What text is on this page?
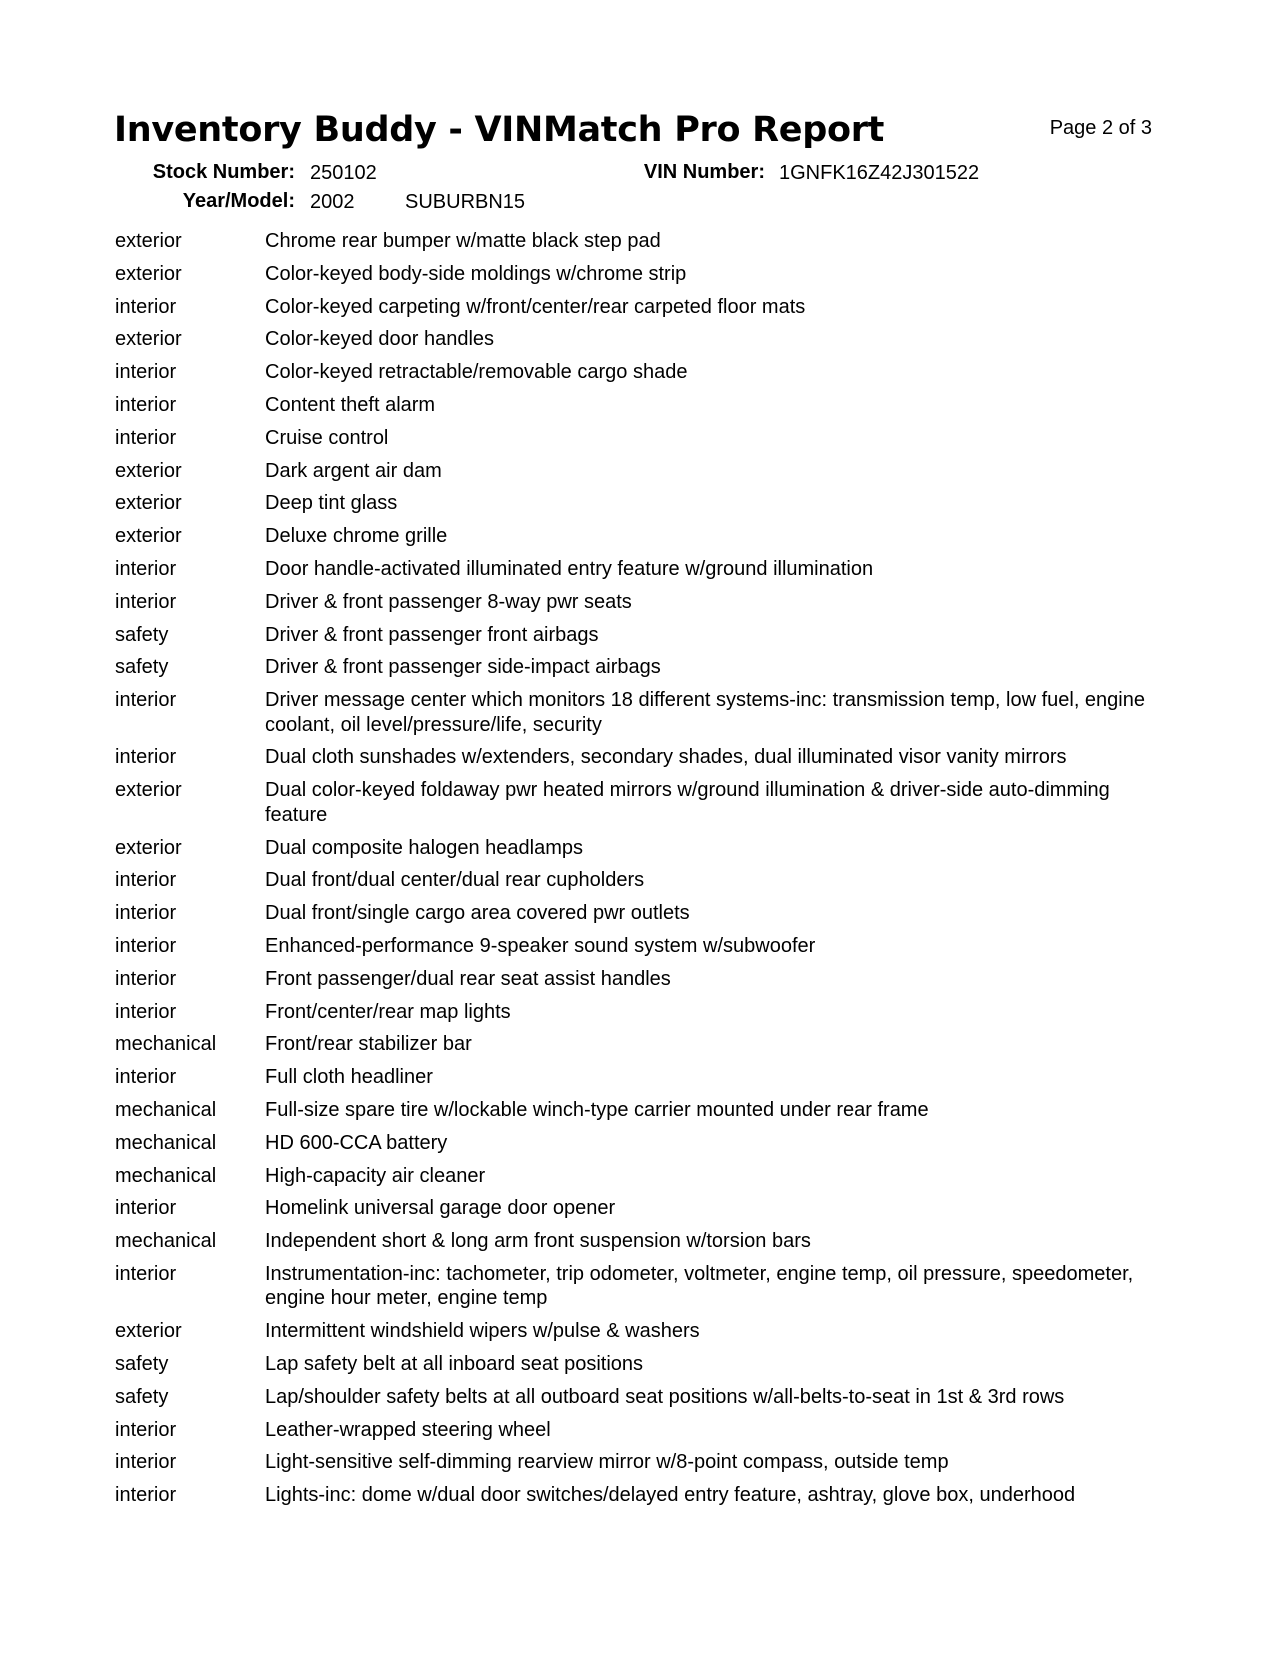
Inventory Buddy - VINMatch Pro Report	Page 2 of 3
Stock Number: 250102	VIN Number: 1GNFK16Z42J301522
Year/Model: 2002	SUBURBN15
exterior	Chrome rear bumper w/matte black step pad
exterior	Color-keyed body-side moldings w/chrome strip
interior	Color-keyed carpeting w/front/center/rear carpeted floor mats
exterior	Color-keyed door handles
interior	Color-keyed retractable/removable cargo shade
interior	Content theft alarm
interior	Cruise control
exterior	Dark argent air dam
exterior	Deep tint glass
exterior	Deluxe chrome grille
interior	Door handle-activated illuminated entry feature w/ground illumination
interior	Driver & front passenger 8-way pwr seats
safety	Driver & front passenger front airbags
safety	Driver & front passenger side-impact airbags
interior	Driver message center which monitors 18 different systems-inc: transmission temp, low fuel, engine coolant, oil level/pressure/life, security
interior	Dual cloth sunshades w/extenders, secondary shades, dual illuminated visor vanity mirrors
exterior	Dual color-keyed foldaway pwr heated mirrors w/ground illumination & driver-side auto-dimming feature
exterior	Dual composite halogen headlamps
interior	Dual front/dual center/dual rear cupholders
interior	Dual front/single cargo area covered pwr outlets
interior	Enhanced-performance 9-speaker sound system w/subwoofer
interior	Front passenger/dual rear seat assist handles
interior	Front/center/rear map lights
mechanical	Front/rear stabilizer bar
interior	Full cloth headliner
mechanical	Full-size spare tire w/lockable winch-type carrier mounted under rear frame
mechanical	HD 600-CCA battery
mechanical	High-capacity air cleaner
interior	Homelink universal garage door opener
mechanical	Independent short & long arm front suspension w/torsion bars
interior	Instrumentation-inc: tachometer, trip odometer, voltmeter, engine temp, oil pressure, speedometer, engine hour meter, engine temp
exterior	Intermittent windshield wipers w/pulse & washers
safety	Lap safety belt at all inboard seat positions
safety	Lap/shoulder safety belts at all outboard seat positions w/all-belts-to-seat in 1st & 3rd rows
interior	Leather-wrapped steering wheel
interior	Light-sensitive self-dimming rearview mirror w/8-point compass, outside temp
interior	Lights-inc: dome w/dual door switches/delayed entry feature, ashtray, glove box, underhood
